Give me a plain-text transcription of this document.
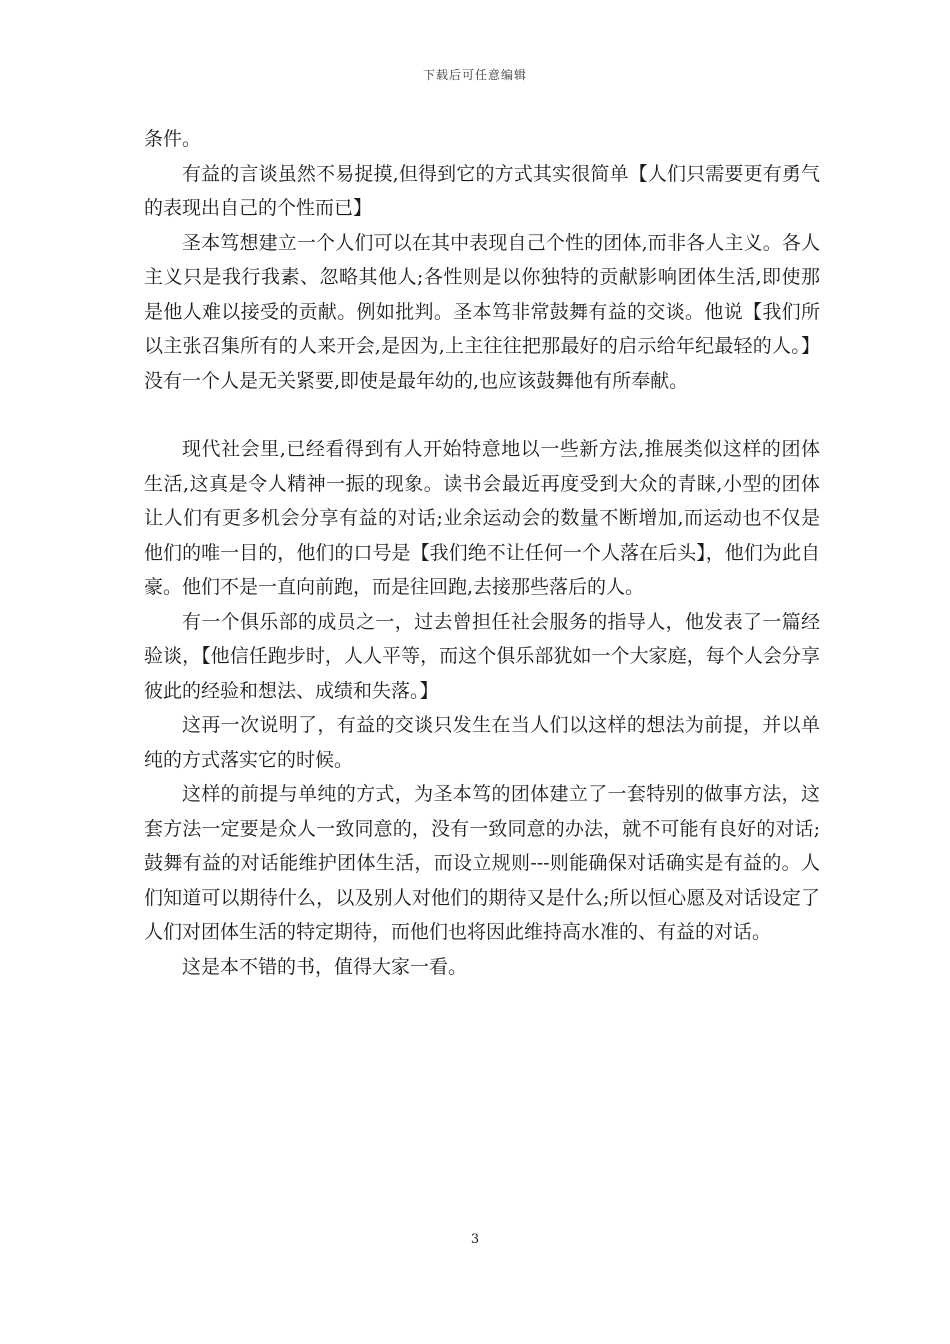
下载后可任意编辑

条件。

有益的言谈虽然不易捉摸,但得到它的方式其实很简单【人们只需要更有勇气的表现出自己的个性而已】

圣本笃想建立一个人们可以在其中表现自己个性的团体,而非各人主义。各人主义只是我行我素、忽略其他人;各性则是以你独特的贡献影响团体生活,即使那是他人难以接受的贡献。例如批判。圣本笃非常鼓舞有益的交谈。他说【我们所以主张召集所有的人来开会,是因为,上主往往把那最好的启示给年纪最轻的人。】没有一个人是无关紧要,即使是最年幼的,也应该鼓舞他有所奉献。

现代社会里,已经看得到有人开始特意地以一些新方法,推展类似这样的团体生活,这真是令人精神一振的现象。读书会最近再度受到大众的青睐,小型的团体让人们有更多机会分享有益的对话;业余运动会的数量不断增加,而运动也不仅是他们的唯一目的，他们的口号是【我们绝不让任何一个人落在后头】，他们为此自豪。他们不是一直向前跑，而是往回跑,去接那些落后的人。

有一个俱乐部的成员之一，过去曾担任社会服务的指导人，他发表了一篇经验谈，【他信任跑步时，人人平等，而这个俱乐部犹如一个大家庭，每个人会分享彼此的经验和想法、成绩和失落。】

这再一次说明了，有益的交谈只发生在当人们以这样的想法为前提，并以单纯的方式落实它的时候。

这样的前提与单纯的方式，为圣本笃的团体建立了一套特别的做事方法，这套方法一定要是众人一致同意的，没有一致同意的办法，就不可能有良好的对话;鼓舞有益的对话能维护团体生活，而设立规则---则能确保对话确实是有益的。人们知道可以期待什么，以及别人对他们的期待又是什么;所以恒心愿及对话设定了人们对团体生活的特定期待，而他们也将因此维持高水准的、有益的对话。

这是本不错的书，值得大家一看。

3
